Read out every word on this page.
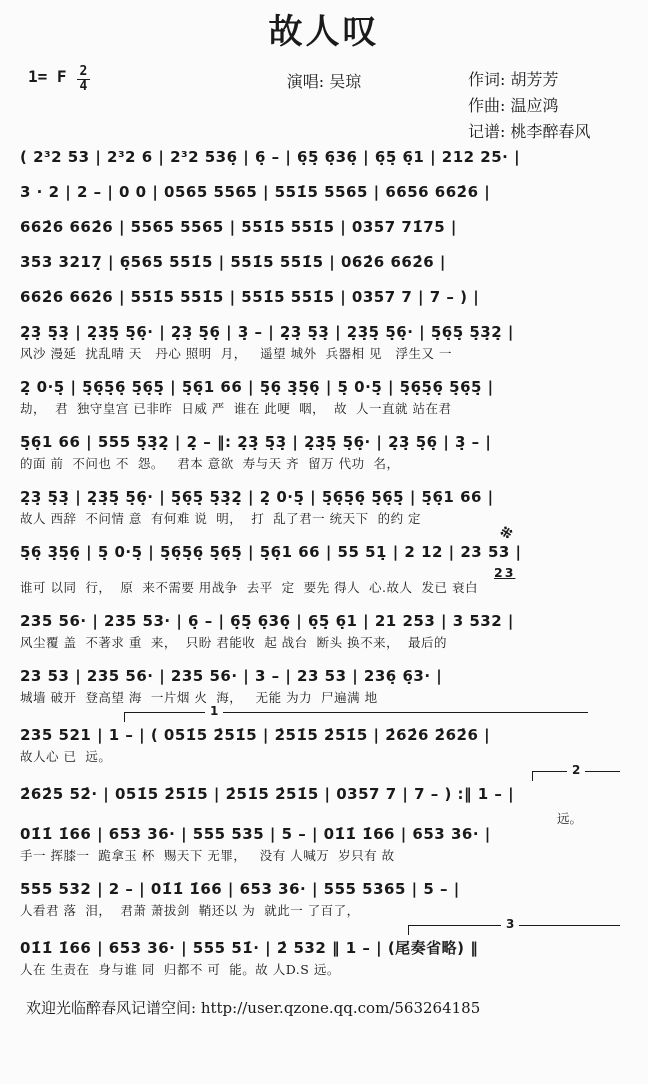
故人叹
1= F $\frac{2}{4}$	演唱: 吴琼	作词: 胡芳芳
作曲: 温应鸿
记谱: 桃李醉春风
( 2³2 53 | 2³2 6 | 2³2 536̣ | 6̣ – | 6̣5̣ 6̣36̣ | 6̣5̣ 6̣1 | 212 25· |
3 · 2 | 2 – | 0 0 | 0565 5565 | 551̇5 5565 | 6656 662̇6 |
662̇6 662̇6 | 5565 5565 | 551̇5 551̇5 | 0357 71̇75 |
353 3217̣ | 6̣565 551̇5 | 551̇5 551̇5 | 062̇6 662̇6 |
662̇6 662̇6 | 551̇5 551̇5 | 551̇5 551̇5 | 0357 7 | 7 – ) |
2̣3̣ 5̣3̣ | 2̣3̣5̣ 5̣6̣· | 2̣3̣ 5̣6̣ | 3̣ – | 2̣3̣ 5̣3̣ | 2̣3̣5̣ 5̣6̣· | 5̣6̣5̣ 5̣3̣2̣ |
风沙 漫延  扰乱晴 天   丹心 照明  月，   遥望 城外  兵器相 见   浮生又 一
2̣ 0·5̣ | 5̣6̣5̣6̣ 5̣6̣5̣ | 5̣6̣1 66 | 5̣6̣ 3̣5̣6̣ | 5̣ 0·5̣ | 5̣6̣5̣6̣ 5̣6̣5̣ |
劫，  君  独守皇宫 已非昨  日威 严  谁在 此哽  咽，  故  人一直就 站在君
5̣6̣1 66 | 555 5̣3̣2̣ | 2̣ – ‖: 2̣3̣ 5̣3̣ | 2̣3̣5̣ 5̣6̣· | 2̣3̣ 5̣6̣ | 3̣ – |
的面 前  不问也 不  怨。   君本 意欲  寿与天 齐  留万 代功  名，
2̣3̣ 5̣3̣ | 2̣3̣5̣ 5̣6̣· | 5̣6̣5̣ 5̣3̣2̣ | 2̣ 0·5̣ | 5̣6̣5̣6̣ 5̣6̣5̣ | 5̣6̣1 66 |
故人 西辞  不问情 意  有何难 说  明，  打  乱了君一 统天下  的约 定
※
23
5̣6̣ 3̣5̣6̣ | 5̣ 0·5̣ | 5̣6̣5̣6̣ 5̣6̣5̣ | 5̣6̣1 66 | 55 51̣ | 2 12 | 23 53 |
谁可 以同  行，  原  来不需要 用战争  去平  定  要先 得人  心.故人  发已 衰白
235 56· | 235 53· | 6̣ – | 6̣5̣ 6̣36̣ | 6̣5̣ 6̣1 | 21 253 | 3 532 |
风尘覆 盖  不著求 重  来，  只盼 君能收  起 战台  断头 换不来，  最后的
23 53 | 235 56· | 235 56· | 3 – | 23 53 | 236̣ 6̣3· |
城墙 破开  登高望 海  一片烟 火  海，   无能 为力  尸遍满 地
1
235 521 | 1 – | ( 051̇5 2̇51̇5 | 2̇51̇5 2̇51̇5 | 2̇62̇6 2̇62̇6 |
故人心 已  远。
2
2̇62̇5 52̇· | 051̇5 2̇51̇5 | 2̇51̇5 2̇51̇5 | 0357 7 | 7 – ) :‖ 1 – |
远。
01̇1̇ 1̇66 | 653 36· | 555 535 | 5 – | 01̇1̇ 1̇66 | 653 36· |
手一 挥膝一  跪拿玉 杯  赐天下 无罪，   没有 人喊万  岁只有 故
555 532 | 2 – | 01̇1̇ 1̇66 | 653 36· | 555 5365 | 5 – |
人看君 落  泪，  君萧 萧拔剑  鞘还以 为  就此一 了百了，
3
01̇1̇ 1̇66 | 653 36· | 555 51̇· | 2̇ 532 ‖ 1 – | (尾奏省略) ‖
人在 生责在  身与谁 同  归都不 可  能。故 人D.S 远。
欢迎光临醉春风记谱空间: http://user.qzone.qq.com/563264185
